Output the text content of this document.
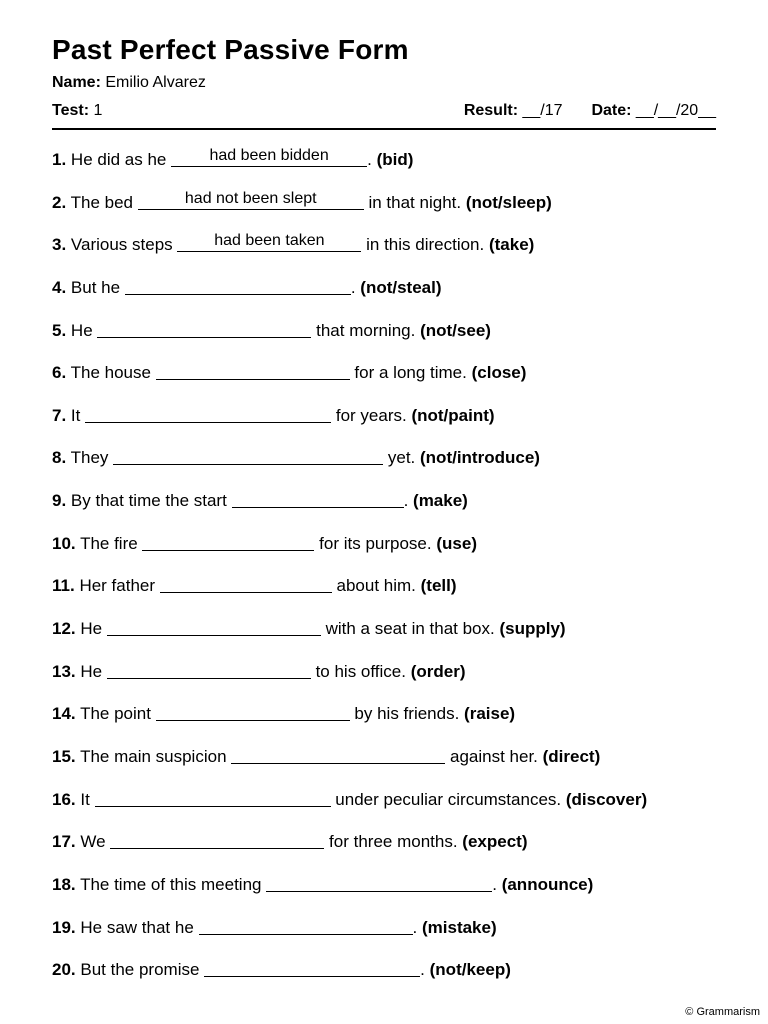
Past Perfect Passive Form
Name: Emilio Alvarez
Test: 1	Result: __/17 Date: __/__/20__
1. He did as he	had been bidden	. (bid)
2. The bed	had not been slept	in that night. (not/sleep)
3. Various steps	had been taken	in this direction. (take)
4. But he	. (not/steal)
5. He	that morning. (not/see)
6. The house	for a long time. (close)
7. It	for years. (not/paint)
8. They	yet. (not/introduce)
9. By that time the start	. (make)
10. The fire	for its purpose. (use)
11. Her father	about him. (tell)
12. He	with a seat in that box. (supply)
13. He	to his office. (order)
14. The point	by his friends. (raise)
15. The main suspicion	against her. (direct)
16. It	under peculiar circumstances. (discover)
17. We	for three months. (expect)
18. The time of this meeting	. (announce)
19. He saw that he	. (mistake)
20. But the promise	. (not/keep)
© Grammarism
